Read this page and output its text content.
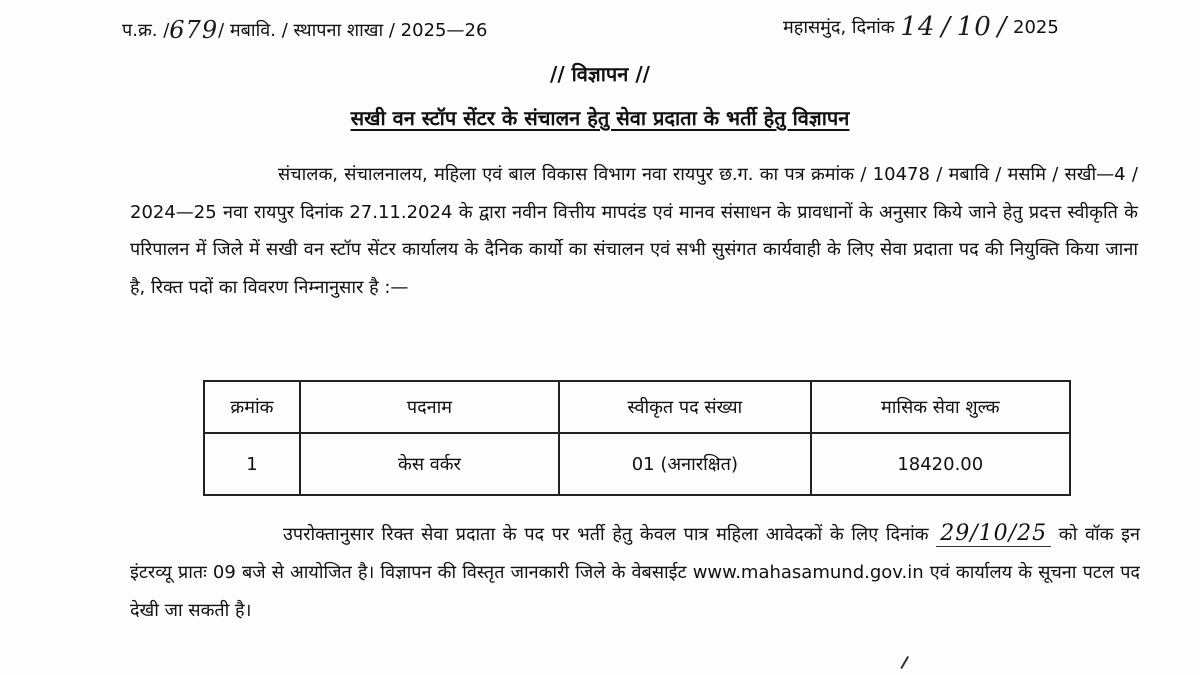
प.क्र. /679/ मबावि. / स्थापना शाखा / 2025—26	महासमुंद, दिनांक 14 / 10 / 2025
// विज्ञापन //
सखी वन स्टॉप सेंटर के संचालन हेतु सेवा प्रदाता के भर्ती हेतु विज्ञापन
संचालक, संचालनालय, महिला एवं बाल विकास विभाग नवा रायपुर छ.ग. का पत्र क्रमांक / 10478 / मबावि / मसमि / सखी—4 / 2024—25 नवा रायपुर दिनांक 27.11.2024 के द्वारा नवीन वित्तीय मापदंड एवं मानव संसाधन के प्रावधानों के अनुसार किये जाने हेतु प्रदत्त स्वीकृति के परिपालन में जिले में सखी वन स्टॉप सेंटर कार्यालय के दैनिक कार्यो का संचालन एवं सभी सुसंगत कार्यवाही के लिए सेवा प्रदाता पद की नियुक्ति किया जाना है, रिक्त पदों का विवरण निम्नानुसार है :—
क्रमांक	पदनाम	स्वीकृत पद संख्या	मासिक सेवा शुल्क
1	केस वर्कर	01 (अनारक्षित)	18420.00
उपरोक्तानुसार रिक्त सेवा प्रदाता के पद पर भर्ती हेतु केवल पात्र महिला आवेदकों के लिए दिनांक 29/10/25 को वॉक इन इंटरव्यू प्रातः 09 बजे से आयोजित है। विज्ञापन की विस्तृत जानकारी जिले के वेबसाईट www.mahasamund.gov.in एवं कार्यालय के सूचना पटल पद देखी जा सकती है।
